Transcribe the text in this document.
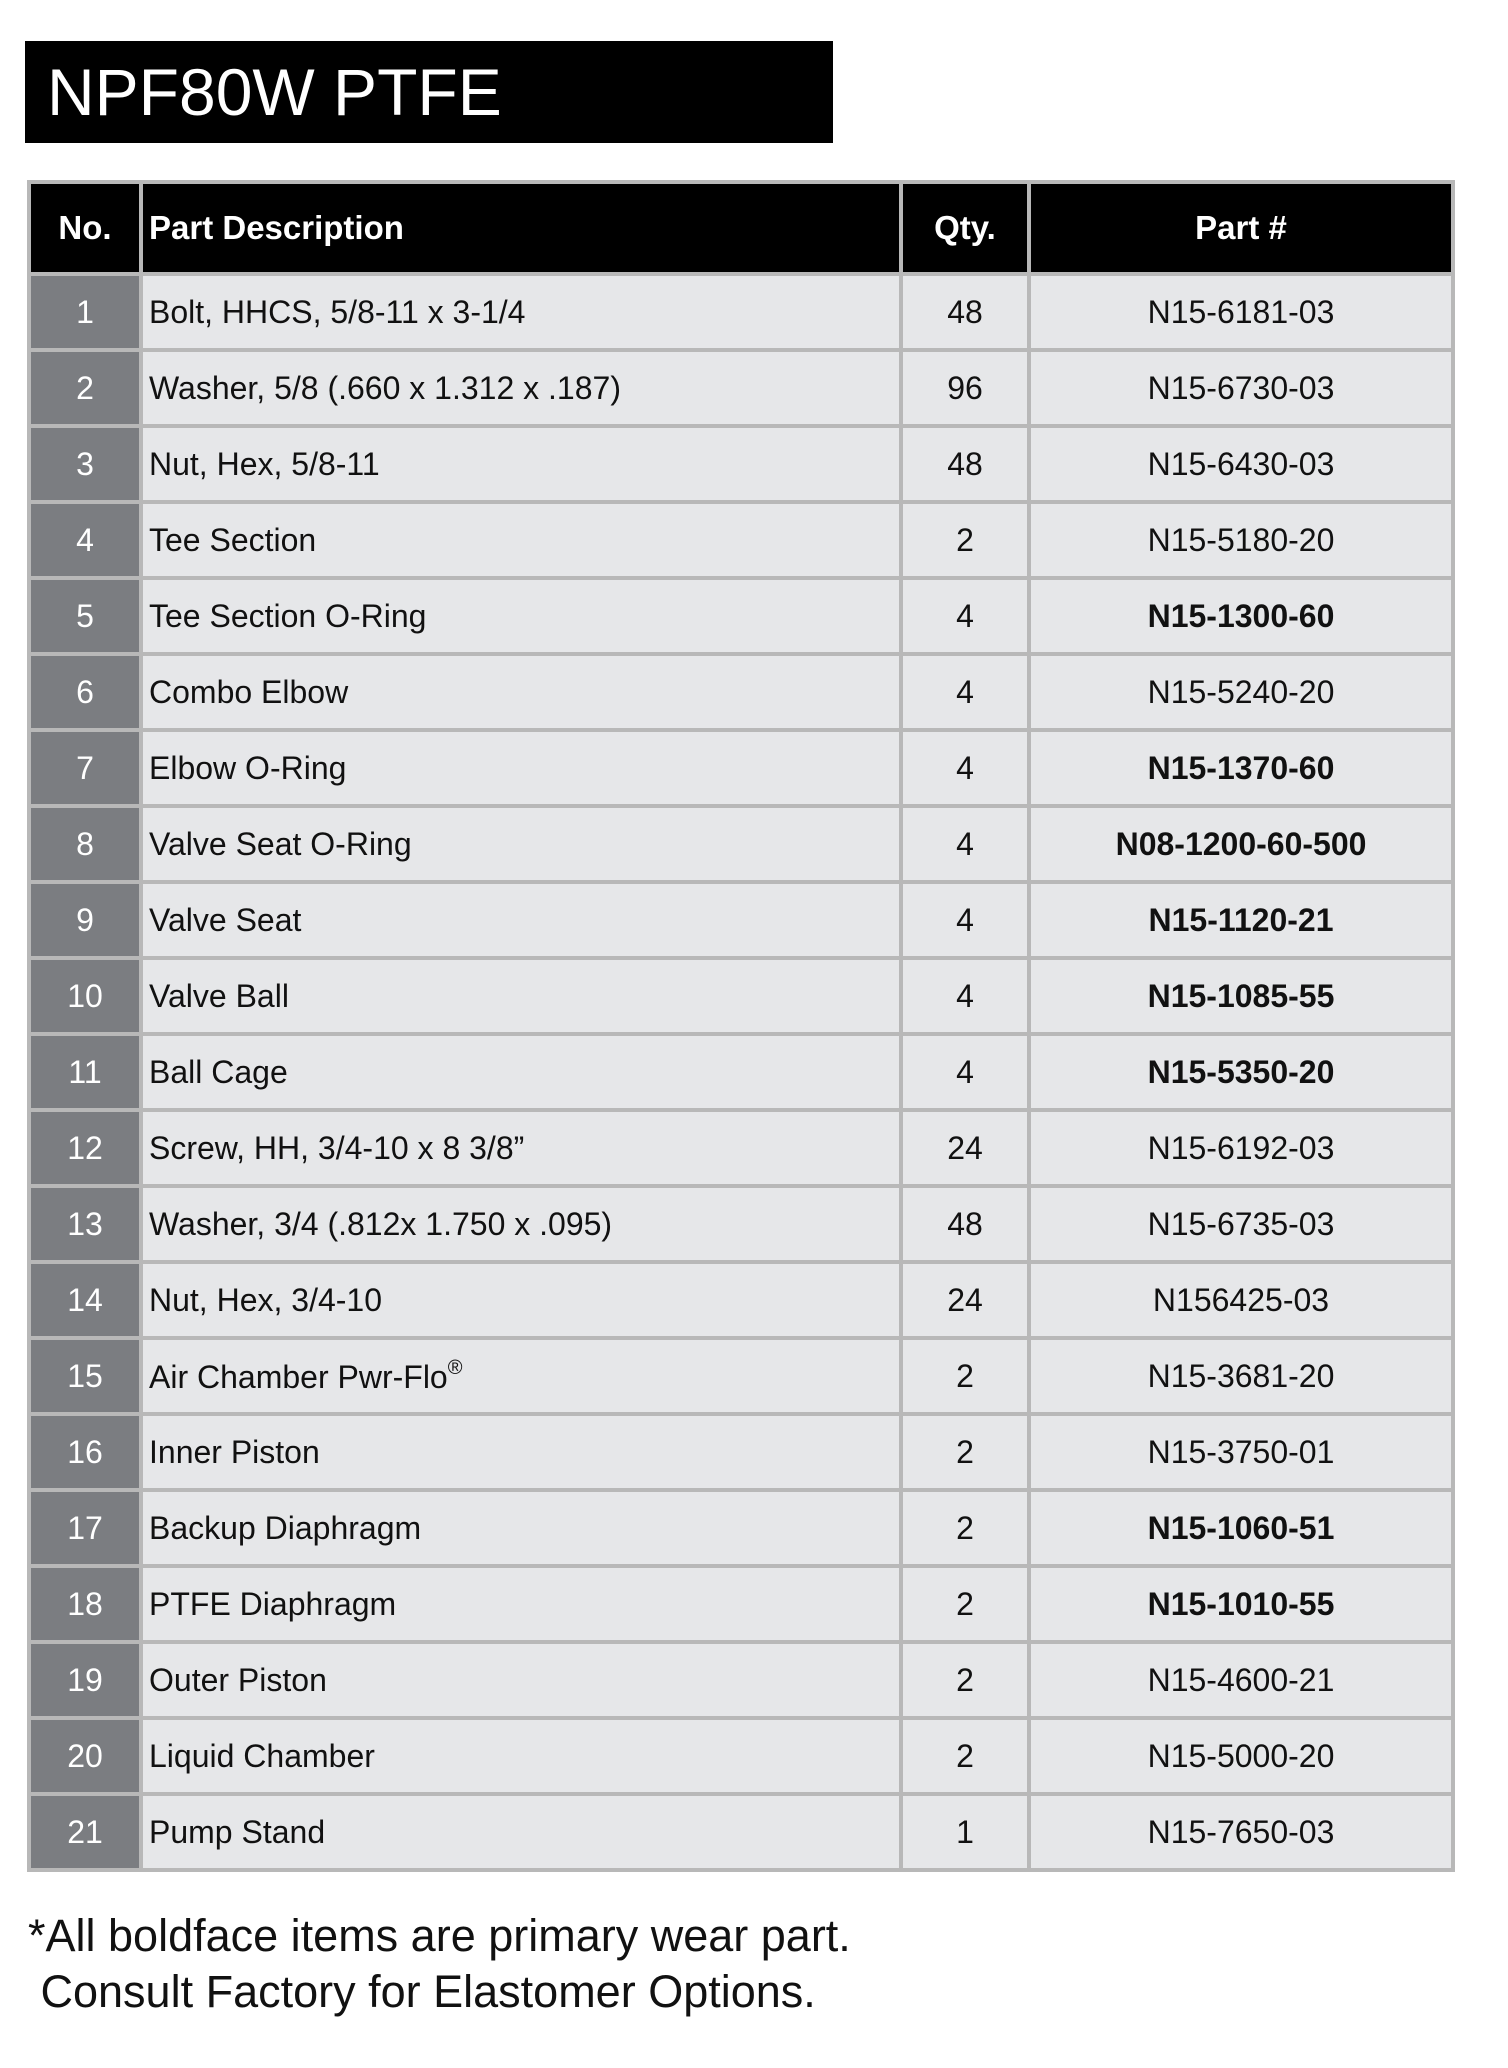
NPF80W PTFE
No.	Part Description	Qty.	Part #
1	Bolt, HHCS, 5/8-11 x 3-1/4	48	N15-6181-03
2	Washer, 5/8 (.660 x 1.312 x .187)	96	N15-6730-03
3	Nut, Hex, 5/8-11	48	N15-6430-03
4	Tee Section	2	N15-5180-20
5	Tee Section O-Ring	4	N15-1300-60
6	Combo Elbow	4	N15-5240-20
7	Elbow O-Ring	4	N15-1370-60
8	Valve Seat O-Ring	4	N08-1200-60-500
9	Valve Seat	4	N15-1120-21
10	Valve Ball	4	N15-1085-55
11	Ball Cage	4	N15-5350-20
12	Screw, HH, 3/4-10 x 8 3/8”	24	N15-6192-03
13	Washer, 3/4 (.812x 1.750 x .095)	48	N15-6735-03
14	Nut, Hex, 3/4-10	24	N156425-03
15	Air Chamber Pwr-Flo®	2	N15-3681-20
16	Inner Piston	2	N15-3750-01
17	Backup Diaphragm	2	N15-1060-51
18	PTFE Diaphragm	2	N15-1010-55
19	Outer Piston	2	N15-4600-21
20	Liquid Chamber	2	N15-5000-20
21	Pump Stand	1	N15-7650-03
*All boldface items are primary wear part.
Consult Factory for Elastomer Options.
